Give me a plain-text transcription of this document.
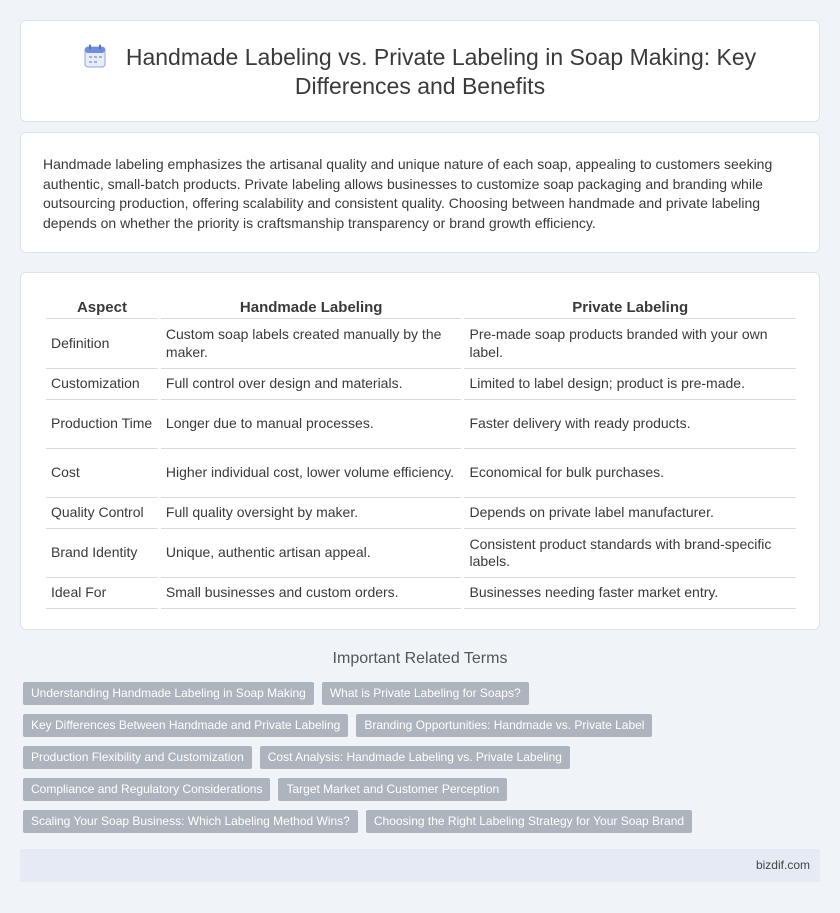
Handmade Labeling vs. Private Labeling in Soap Making: Key Differences and Benefits

Handmade labeling emphasizes the artisanal quality and unique nature of each soap, appealing to customers seeking authentic, small-batch products. Private labeling allows businesses to customize soap packaging and branding while outsourcing production, offering scalability and consistent quality. Choosing between handmade and private labeling depends on whether the priority is craftsmanship transparency or brand growth efficiency.

Aspect	Handmade Labeling	Private Labeling
Definition	Custom soap labels created manually by the maker.	Pre-made soap products branded with your own label.
Customization	Full control over design and materials.	Limited to label design; product is pre-made.
Production Time	Longer due to manual processes.	Faster delivery with ready products.
Cost	Higher individual cost, lower volume efficiency.	Economical for bulk purchases.
Quality Control	Full quality oversight by maker.	Depends on private label manufacturer.
Brand Identity	Unique, authentic artisan appeal.	Consistent product standards with brand-specific labels.
Ideal For	Small businesses and custom orders.	Businesses needing faster market entry.
Important Related Terms
Understanding Handmade Labeling in Soap Making	What is Private Labeling for Soaps?
Key Differences Between Handmade and Private Labeling	Branding Opportunities: Handmade vs. Private Label
Production Flexibility and Customization	Cost Analysis: Handmade Labeling vs. Private Labeling
Compliance and Regulatory Considerations	Target Market and Customer Perception
Scaling Your Soap Business: Which Labeling Method Wins?	Choosing the Right Labeling Strategy for Your Soap Brand
bizdif.com
